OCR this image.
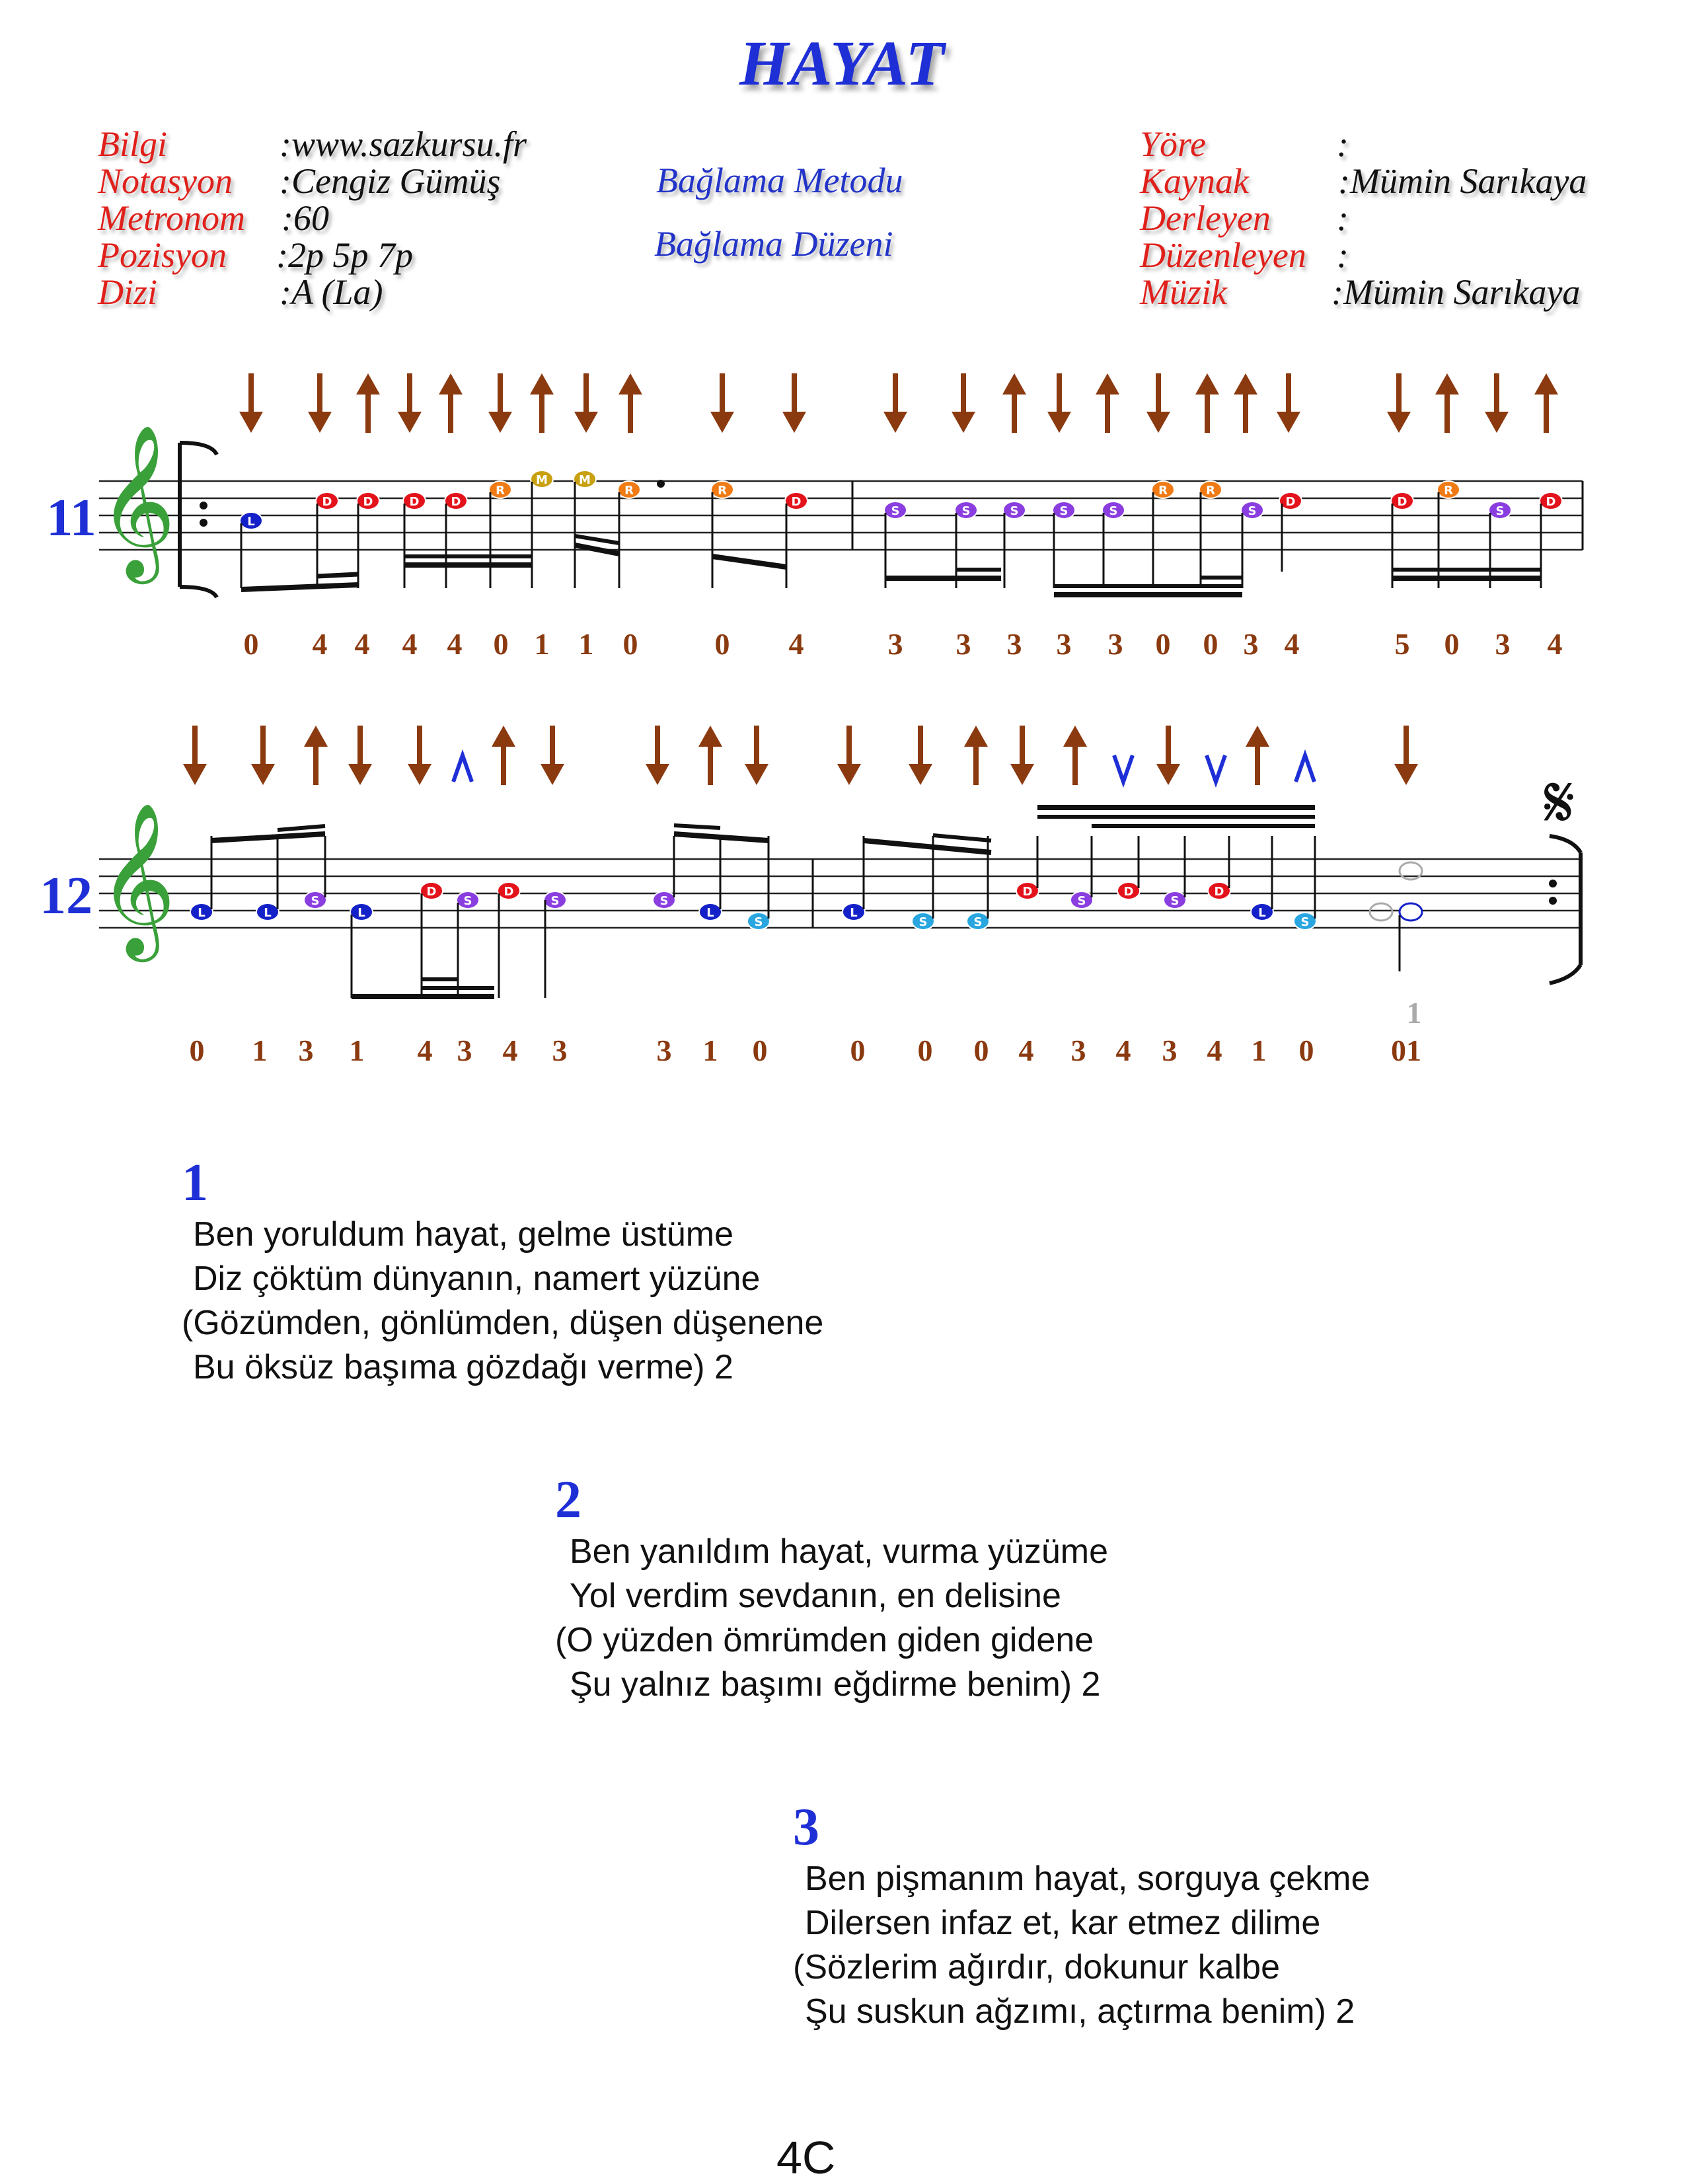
HAYAT
Bilgi	:www.sazkursu.fr
Notasyon	:Cengiz Gümüş
Metronom	:60
Pozisyon	:2p 5p 7p
Dizi	:A (La)
Bağlama Metodu
Bağlama Düzeni
Yöre	:
Kaynak	:Mümin Sarıkaya
Derleyen	:
Düzenleyen :
Müzik	:Mümin Sarıkaya
11 𝄞	L
D	D	D	D
R
M	M
R	R
D
S	S	S	S	S
R	R
S
D	D
R
S
D
0 4 4 4 4 0 1 1 0	0 4	3 3 3 3 3 0 0 3 4	5 0 3 4
12 𝄞	𝄋
L	L
S
L
D
S
D
S	S
L
S
L
S	S
D
S
D
S
D
L
S
L
0 1 3 1 4 3 4 3	3 1 0	0 0 0 4 3 4 3 4 1 0	01
1
1
Ben yoruldum hayat, gelme üstüme
Diz çöktüm dünyanın, namert yüzüne
(Gözümden, gönlümden, düşen düşenene
Bu öksüz başıma gözdağı verme) 2
2
Ben yanıldım hayat, vurma yüzüme
Yol verdim sevdanın, en delisine
(O yüzden ömrümden giden gidene
Şu yalnız başımı eğdirme benim) 2
3
Ben pişmanım hayat, sorguya çekme
Dilersen infaz et, kar etmez dilime
(Sözlerim ağırdır, dokunur kalbe
Şu suskun ağzımı, açtırma benim) 2
4C
